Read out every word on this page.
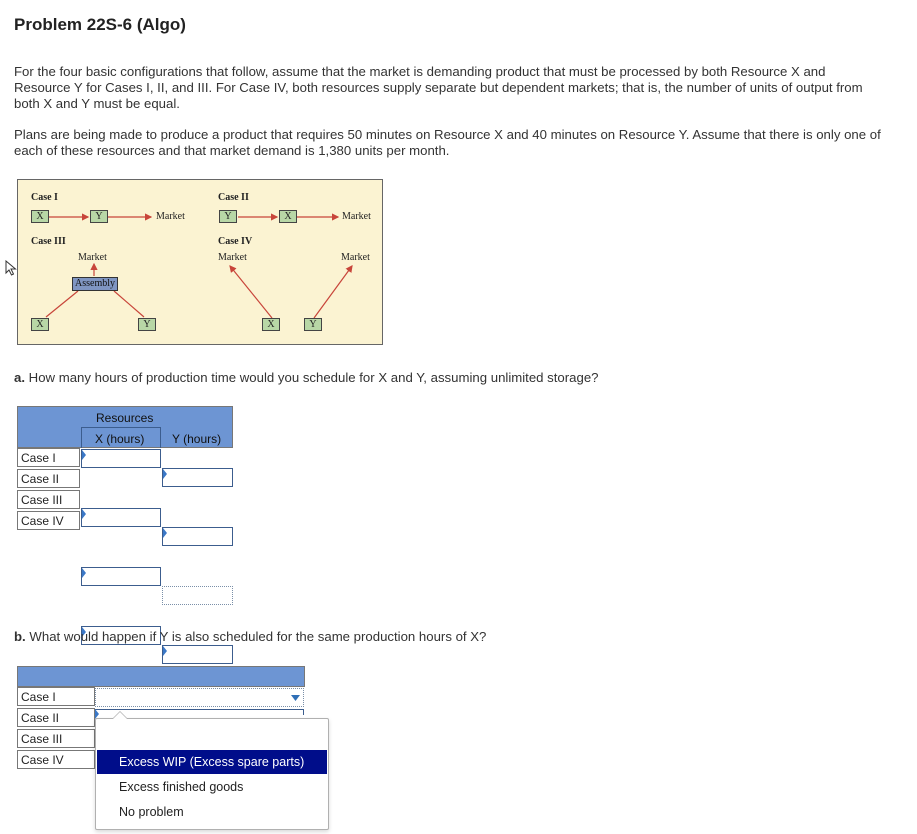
Problem 22S-6 (Algo)
For the four basic configurations that follow, assume that the market is demanding product that must be processed by both Resource X and Resource Y for Cases I, II, and III. For Case IV, both resources supply separate but dependent markets; that is, the number of units of output from both X and Y must be equal.
Plans are being made to produce a product that requires 50 minutes on Resource X and 40 minutes on Resource Y. Assume that there is only one of each of these resources and that market demand is 1,380 units per month.
Case I
X	Y	Market
Case II
Y	X	Market
Case III
Market
Assembly
X	Y
Case IV
Market	Market
X	Y
a. How many hours of production time would you schedule for X and Y, assuming unlimited storage?
Resources
X (hours) Y (hours)
Case I
Case II
Case III
Case IV
b. What would happen if Y is also scheduled for the same production hours of X?
Case I
Case II
Case III
Case IV	Excess WIP (Excess spare parts)
Excess finished goods
No problem
